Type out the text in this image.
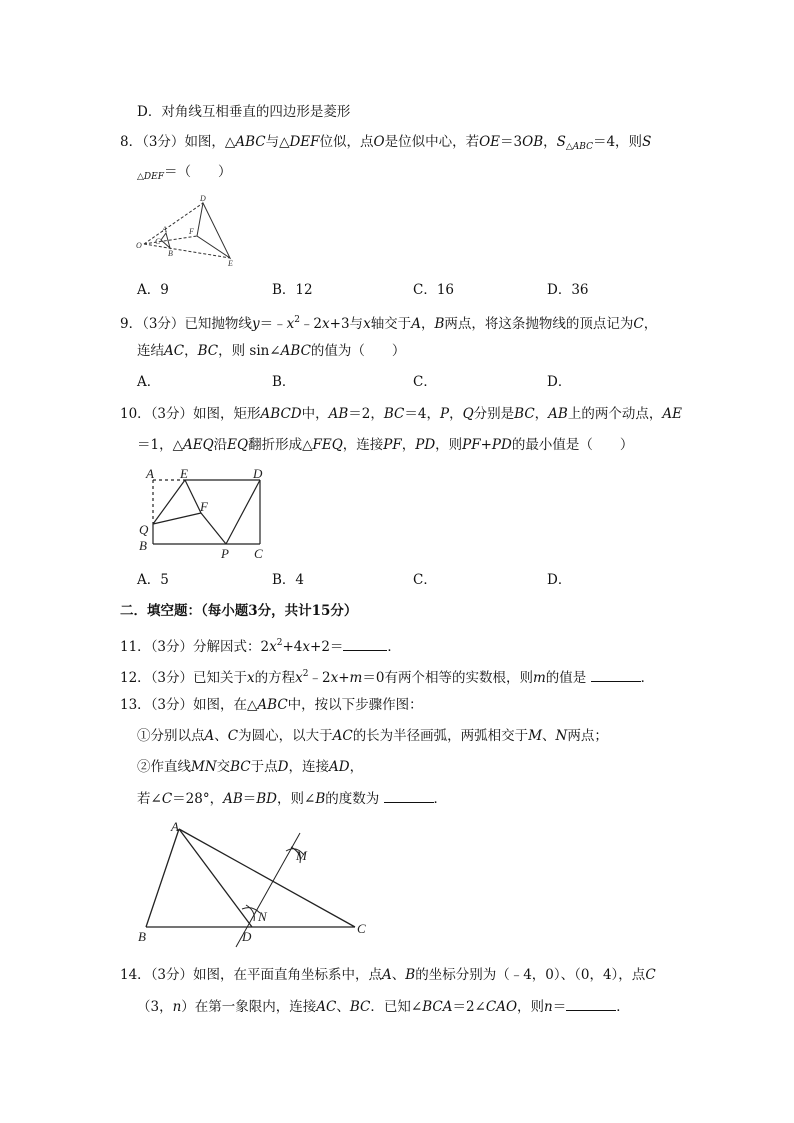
D．对角线互相垂直的四边形是菱形
8．（3分）如图，△ABC与△DEF位似，点O是位似中心，若OE＝3OB，$S_{\triangle ABC}=4$，则S
$_{\triangle DEF}$＝（　　）
O
A
C
B
D
F
E
A．9	B．12	C．16	D．36
9．（3分）已知抛物线$y=﹣x^2﹣2x+3$与x轴交于A，B两点，将这条抛物线的顶点记为C，
连结AC，BC，则 sin∠ABC的值为（　　）
A．	B．	C．	D．
10．（3分）如图，矩形ABCD中，AB＝2，BC＝4，P，Q分别是BC，AB上的两个动点，AE
＝1，△AEQ沿EQ翻折形成△FEQ，连接PF，PD，则PF+PD的最小值是（　　）
A E	D
F
Q
B
P C
A．5	B．4	C．	D．
二．填空题：（每小题3分，共计15分）
11．（3分）分解因式：$2x^2+4x+2=$	．
12．（3分）已知关于x的方程$x^2﹣2x+m=0$有两个相等的实数根，则m的值是	．
13．（3分）如图，在△ABC中，按以下步骤作图：
①分别以点A、C为圆心，以大于AC的长为半径画弧，两弧相交于M、N两点；
②作直线MN交BC于点D，连接AD，
若∠C＝28°，AB＝BD，则∠B的度数为	．
A
M
N
B	D
C
14．（3分）如图，在平面直角坐标系中，点A、B的坐标分别为（﹣4，0）、（0，4），点C
（3，n）在第一象限内，连接AC、BC．已知∠BCA＝2∠CAO，则n＝	．
